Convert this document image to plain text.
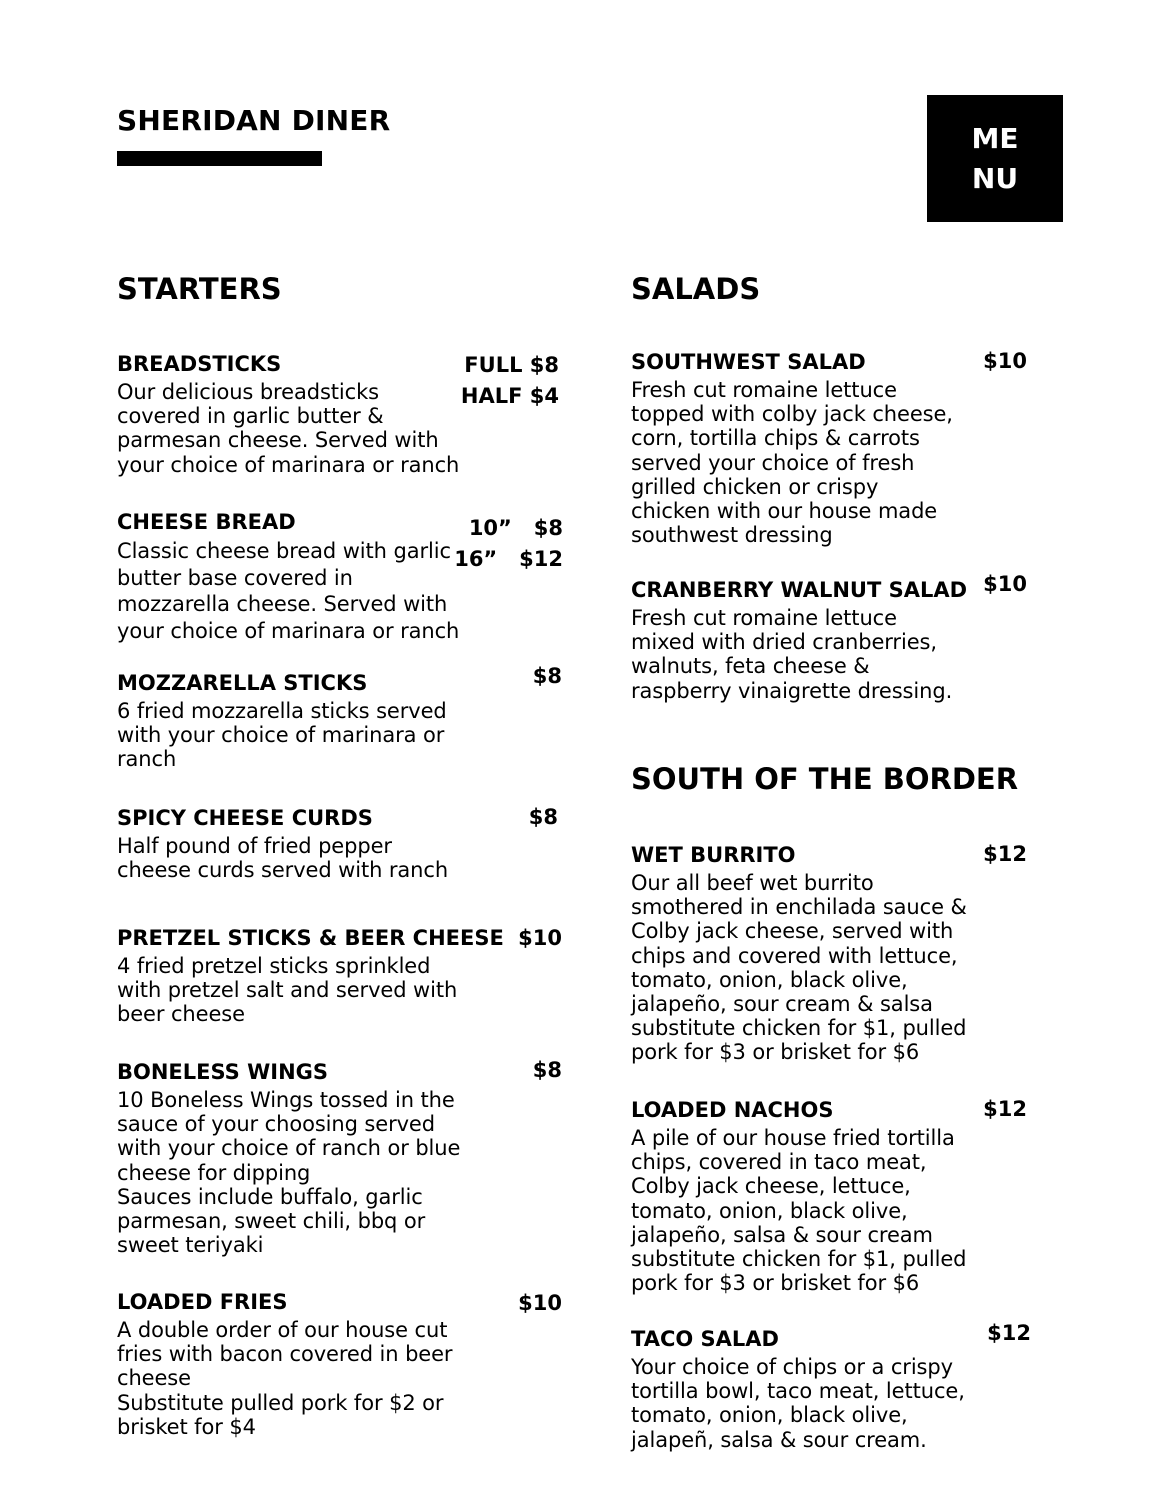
SHERIDAN DINER
ME
NU
STARTERS
BREADSTICKS
Our delicious breadsticks
covered in garlic butter &
parmesan cheese. Served with
your choice of marinara or ranch
FULL $8
HALF $4
CHEESE BREAD
Classic cheese bread with garlic
butter base covered in
mozzarella cheese. Served with
your choice of marinara or ranch
10”   $8
16”   $12
MOZZARELLA STICKS
6 fried mozzarella sticks served
with your choice of marinara or
ranch
$8
SPICY CHEESE CURDS
Half pound of fried pepper
cheese curds served with ranch
$8
PRETZEL STICKS & BEER CHEESE
4 fried pretzel sticks sprinkled
with pretzel salt and served with
beer cheese
$10
BONELESS WINGS
10 Boneless Wings tossed in the
sauce of your choosing served
with your choice of ranch or blue
cheese for dipping
Sauces include buffalo, garlic
parmesan, sweet chili, bbq or
sweet teriyaki
$8
LOADED FRIES
A double order of our house cut
fries with bacon covered in beer
cheese
Substitute pulled pork for $2 or
brisket for $4
$10
SALADS
SOUTHWEST SALAD
Fresh cut romaine lettuce
topped with colby jack cheese,
corn, tortilla chips & carrots
served your choice of fresh
grilled chicken or crispy
chicken with our house made
southwest dressing
$10
CRANBERRY WALNUT SALAD
Fresh cut romaine lettuce
mixed with dried cranberries,
walnuts, feta cheese &
raspberry vinaigrette dressing.
$10
SOUTH OF THE BORDER
WET BURRITO
Our all beef wet burrito
smothered in enchilada sauce &
Colby jack cheese, served with
chips and covered with lettuce,
tomato, onion, black olive,
jalapeño, sour cream & salsa
substitute chicken for $1, pulled
pork for $3 or brisket for $6
$12
LOADED NACHOS
A pile of our house fried tortilla
chips, covered in taco meat,
Colby jack cheese, lettuce,
tomato, onion, black olive,
jalapeño, salsa & sour cream
substitute chicken for $1, pulled
pork for $3 or brisket for $6
$12
TACO SALAD
Your choice of chips or a crispy
tortilla bowl, taco meat, lettuce,
tomato, onion, black olive,
jalapeñ, salsa & sour cream.
$12
